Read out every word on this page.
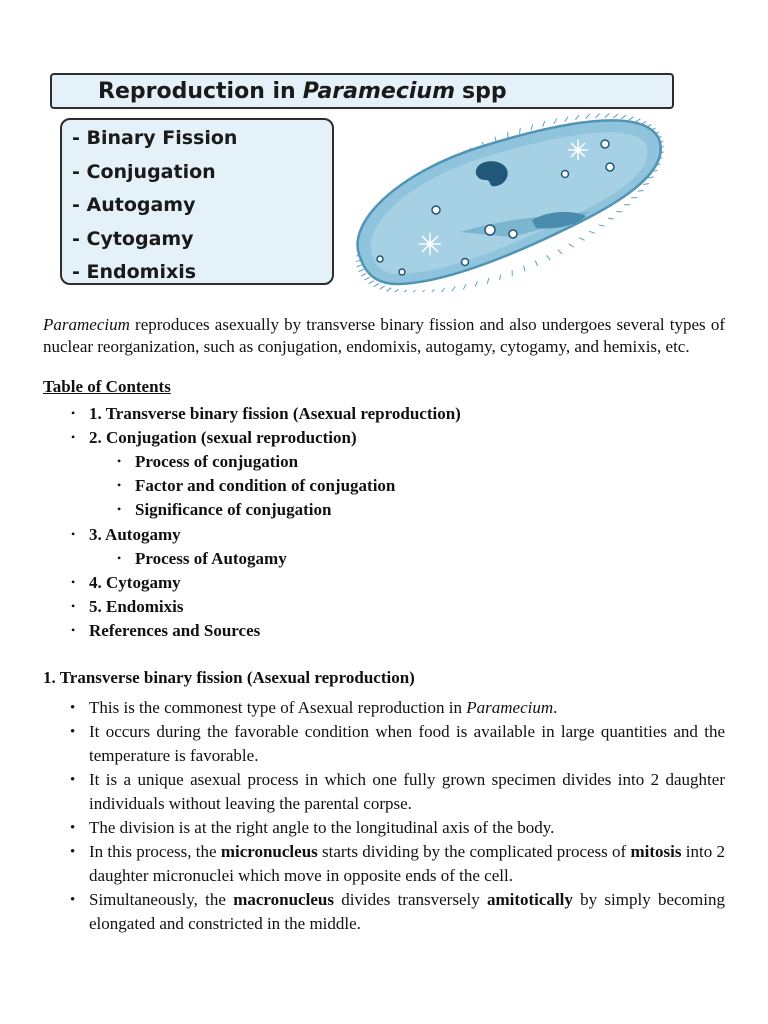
Reproduction in Paramecium spp
- Binary Fission
- Conjugation
- Autogamy
- Cytogamy
- Endomixis
Paramecium reproduces asexually by transverse binary fission and also undergoes several types of nuclear reorganization, such as conjugation, endomixis, autogamy, cytogamy, and hemixis, etc.
Table of Contents
• 1. Transverse binary fission (Asexual reproduction)
• 2. Conjugation (sexual reproduction)
• Process of conjugation
• Factor and condition of conjugation
• Significance of conjugation
• 3. Autogamy
• Process of Autogamy
• 4. Cytogamy
• 5. Endomixis
• References and Sources
1. Transverse binary fission (Asexual reproduction)
• This is the commonest type of Asexual reproduction in Paramecium.
• It occurs during the favorable condition when food is available in large quantities and the temperature is favorable.
• It is a unique asexual process in which one fully grown specimen divides into 2 daughter individuals without leaving the parental corpse.
• The division is at the right angle to the longitudinal axis of the body.
• In this process, the micronucleus starts dividing by the complicated process of mitosis into 2 daughter micronuclei which move in opposite ends of the cell.
• Simultaneously, the macronucleus divides transversely amitotically by simply becoming elongated and constricted in the middle.
